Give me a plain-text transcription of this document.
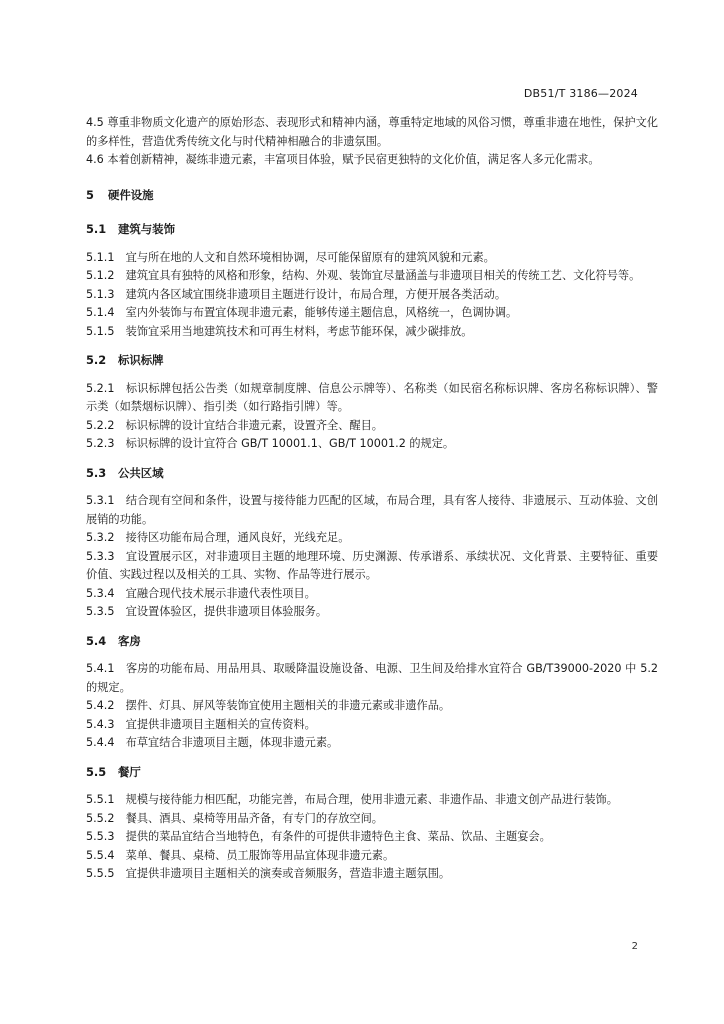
DB51/T 3186—2024

4.5 尊重非物质文化遗产的原始形态、表现形式和精神内涵，尊重特定地域的风俗习惯，尊重非遗在地性，保护文化的多样性，营造优秀传统文化与时代精神相融合的非遗氛围。

4.6 本着创新精神，凝练非遗元素，丰富项目体验，赋予民宿更独特的文化价值，满足客人多元化需求。

5 硬件设施

5.1 建筑与装饰

5.1.1　宜与所在地的人文和自然环境相协调，尽可能保留原有的建筑风貌和元素。

5.1.2　建筑宜具有独特的风格和形象，结构、外观、装饰宜尽量涵盖与非遗项目相关的传统工艺、文化符号等。

5.1.3　建筑内各区域宜围绕非遗项目主题进行设计，布局合理，方便开展各类活动。

5.1.4　室内外装饰与布置宜体现非遗元素，能够传递主题信息，风格统一，色调协调。

5.1.5　装饰宜采用当地建筑技术和可再生材料，考虑节能环保，减少碳排放。

5.2 标识标牌

5.2.1　标识标牌包括公告类（如规章制度牌、信息公示牌等）、名称类（如民宿名称标识牌、客房名称标识牌）、警示类（如禁烟标识牌）、指引类（如行路指引牌）等。

5.2.2　标识标牌的设计宜结合非遗元素，设置齐全、醒目。

5.2.3　标识标牌的设计宜符合 GB/T 10001.1、GB/T 10001.2 的规定。

5.3 公共区域

5.3.1　结合现有空间和条件，设置与接待能力匹配的区域，布局合理，具有客人接待、非遗展示、互动体验、文创展销的功能。

5.3.2　接待区功能布局合理，通风良好，光线充足。

5.3.3　宜设置展示区，对非遗项目主题的地理环境、历史渊源、传承谱系、承续状况、文化背景、主要特征、重要价值、实践过程以及相关的工具、实物、作品等进行展示。

5.3.4　宜融合现代技术展示非遗代表性项目。

5.3.5　宜设置体验区，提供非遗项目体验服务。

5.4 客房

5.4.1　客房的功能布局、用品用具、取暖降温设施设备、电源、卫生间及给排水宜符合 GB/T39000-2020 中 5.2 的规定。

5.4.2　摆件、灯具、屏风等装饰宜使用主题相关的非遗元素或非遗作品。

5.4.3　宜提供非遗项目主题相关的宣传资料。

5.4.4　布草宜结合非遗项目主题，体现非遗元素。

5.5 餐厅

5.5.1　规模与接待能力相匹配，功能完善，布局合理，使用非遗元素、非遗作品、非遗文创产品进行装饰。

5.5.2　餐具、酒具、桌椅等用品齐备，有专门的存放空间。

5.5.3　提供的菜品宜结合当地特色，有条件的可提供非遗特色主食、菜品、饮品、主题宴会。

5.5.4　菜单、餐具、桌椅、员工服饰等用品宜体现非遗元素。

5.5.5　宜提供非遗项目主题相关的演奏或音频服务，营造非遗主题氛围。

2
